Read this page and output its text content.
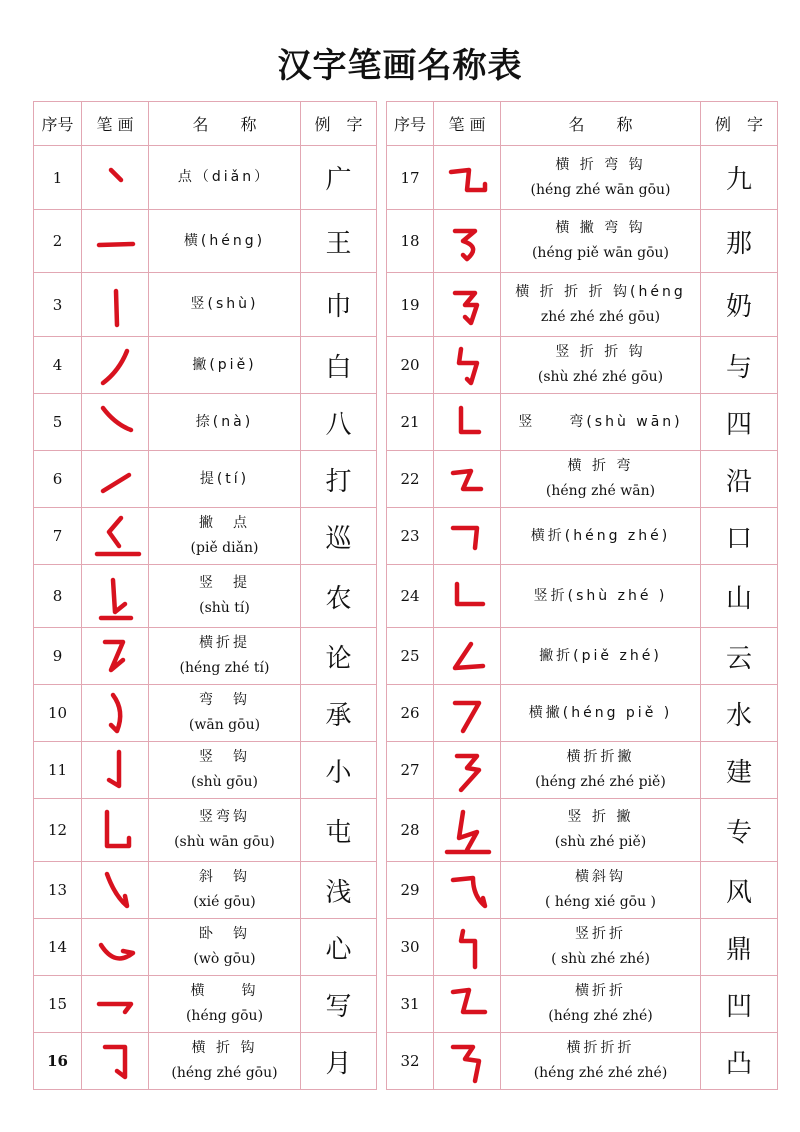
汉字笔画名称表
序号	笔 画	名　　称	例　字
1		点（diǎn）	广
2		横(héng)	王
3		竖(shù)	巾
4		撇(piě)	白
5		捺(nà)	八
6		提(tí)	打
7		撇　点
(piě diǎn)	巡
8		竖　提
(shù tí)	农
9		横折提
(héng zhé tí)	论
10		弯　钩
(wān gōu)	承
11		竖　钩
(shù gōu)	小
12		竖弯钩
(shù wān gōu)	屯
13		斜　钩
(xié gōu)	浅
14		卧　钩
(wò gōu)	心
15		横　　钩
(héng gōu)	写
16		横 折 钩
(héng zhé gōu)	月
序号	笔 画	名　　称	例　字
17		横 折 弯 钩
(héng zhé wān gōu)	九
18		横 撇 弯 钩
(héng piě wān gōu)	那
19		横 折 折 折 钩(héng
zhé zhé zhé gōu)	奶
20		竖 折 折 钩
(shù zhé zhé gōu)	与
21		竖　　弯(shù wān)	四
22		横 折 弯
(héng zhé wān)	沿
23		横折(héng zhé)	口
24		竖折(shù zhé )	山
25		撇折(piě zhé)	云
26		横撇(héng piě )	水
27		横折折撇
(héng zhé zhé piě)	建
28		竖 折 撇
(shù zhé piě)	专
29		横斜钩
( héng xié gōu )	风
30		竖折折
( shù zhé zhé)	鼎
31		横折折
(héng zhé zhé)	凹
32		横折折折
(héng zhé zhé zhé)	凸
